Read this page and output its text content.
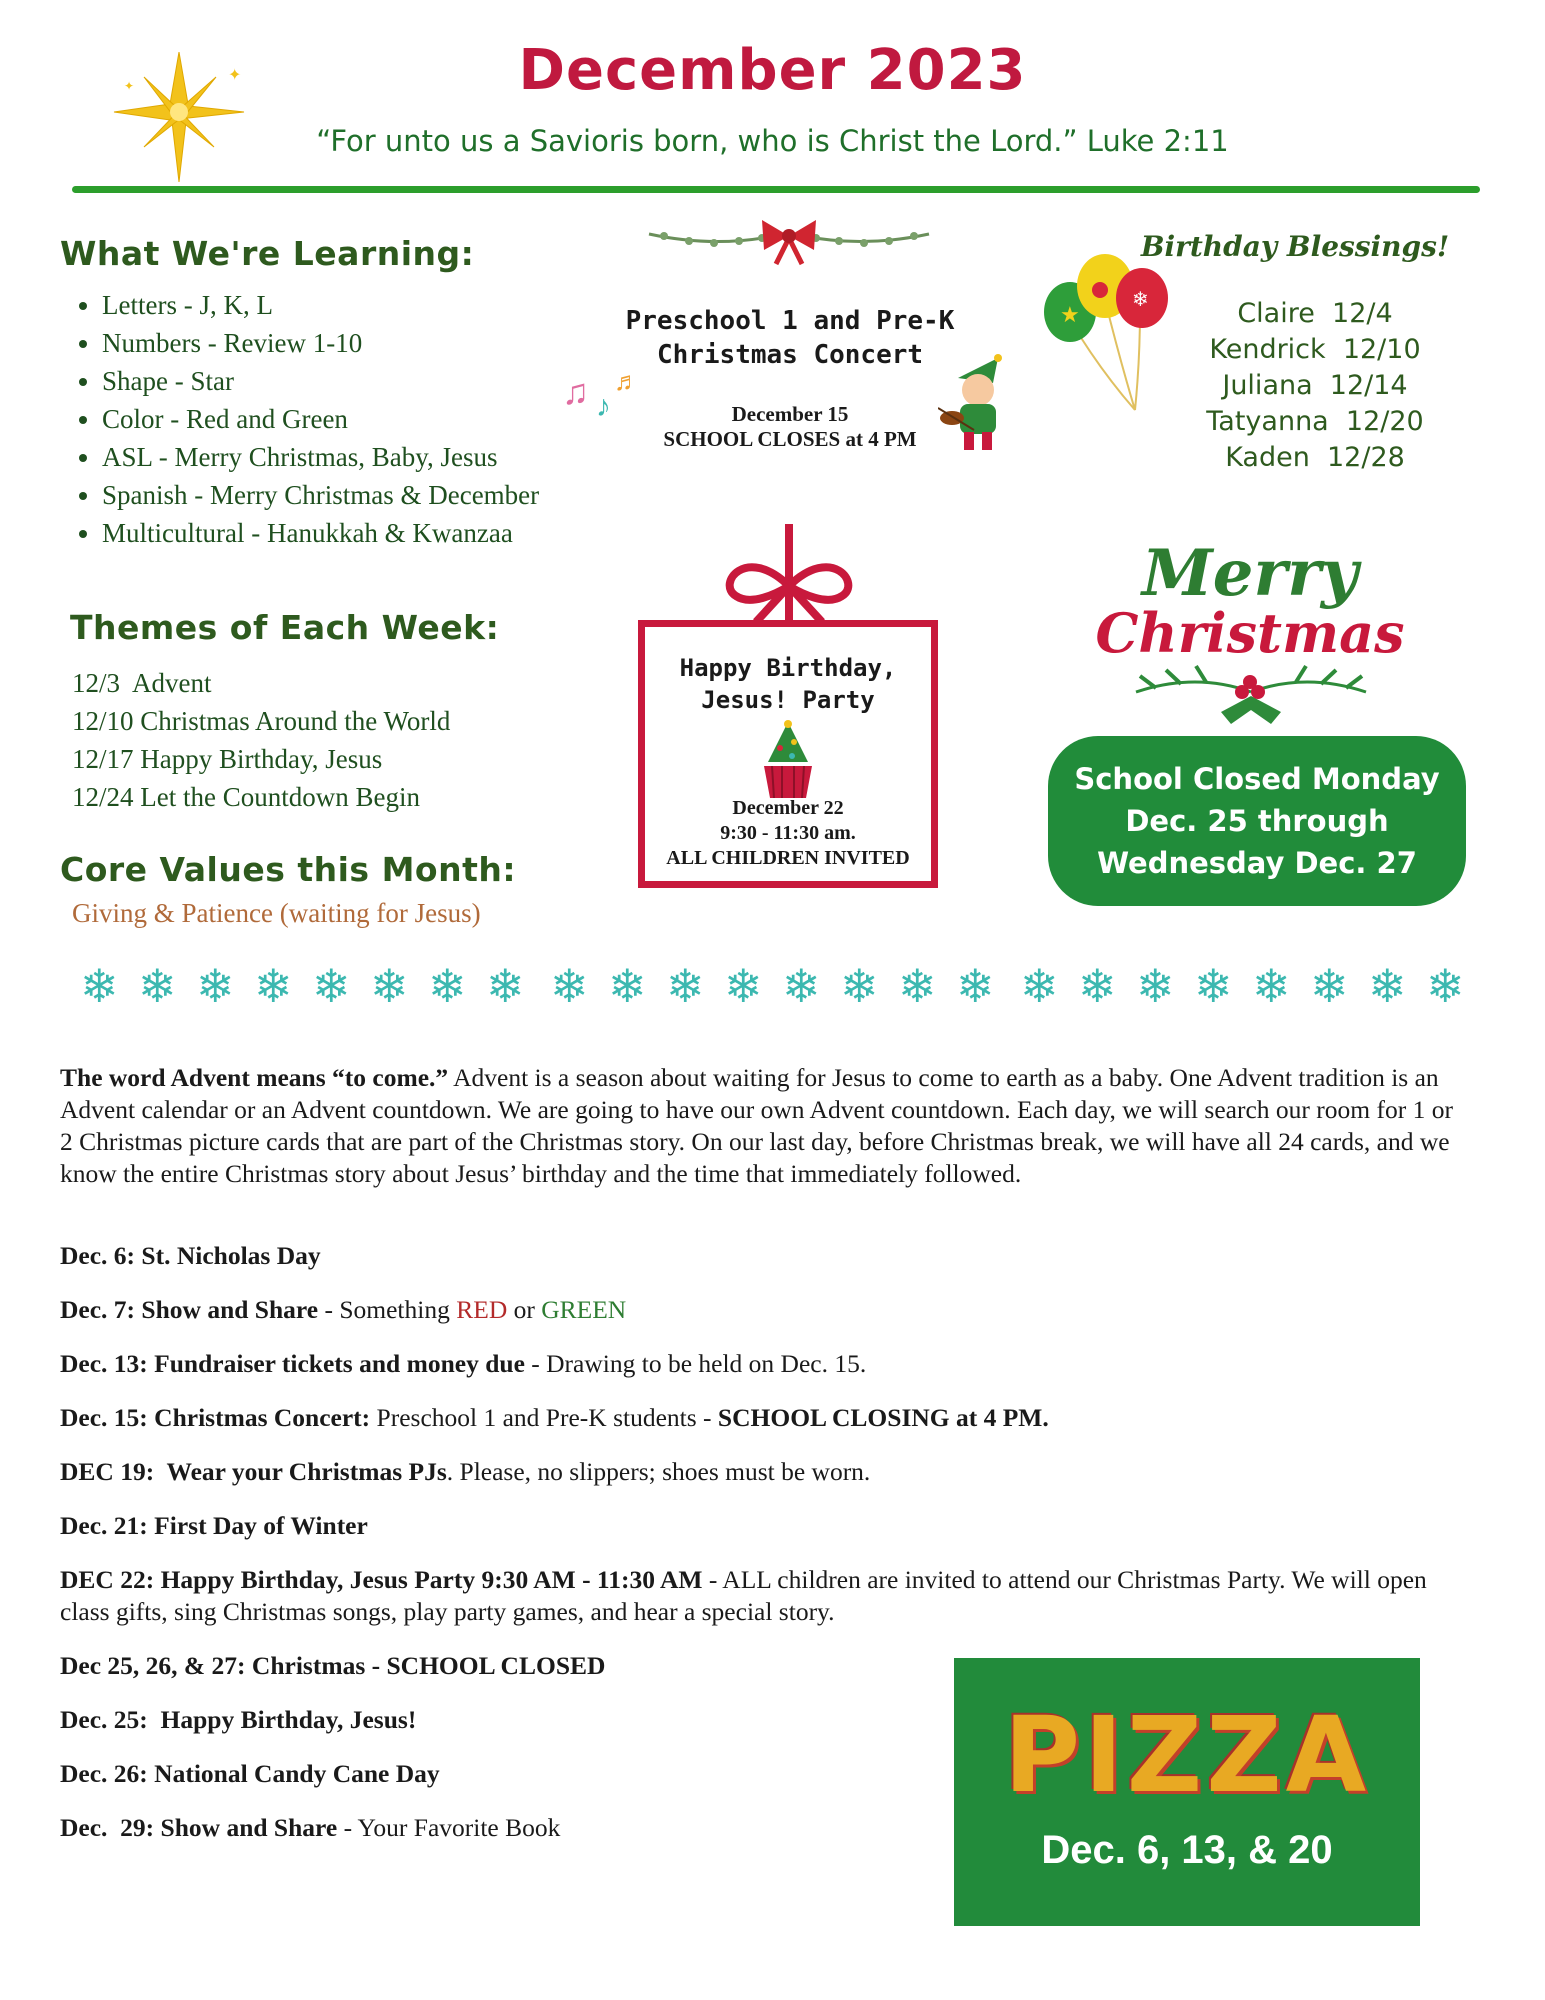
✦
✦	December 2023
“For unto us a Savioris born, who is Christ the Lord.” Luke 2:11
What We're Learning:
• Letters - J, K, L
• Numbers - Review 1-10
• Shape - Star
• Color - Red and Green
• ASL - Merry Christmas, Baby, Jesus
• Spanish - Merry Christmas & December
• Multicultural - Hanukkah & Kwanzaa
Themes of Each Week:
12/3  Advent
12/10 Christmas Around the World
12/17 Happy Birthday, Jesus
12/24 Let the Countdown Begin
Core Values this Month:
Giving & Patience (waiting for Jesus)
Preschool 1 and Pre-K
Christmas Concert
December 15
SCHOOL CLOSES at 4 PM
♫ ♪
♬
★
❄
Birthday Blessings!
Claire  12/4
Kendrick  12/10
Juliana  12/14
Tatyanna  12/20
Kaden  12/28
Happy Birthday,
Jesus! Party
December 22
9:30 - 11:30 am.
ALL CHILDREN INVITED
Merry
Christmas
School Closed Monday
Dec. 25 through
Wednesday Dec. 27
❄ ❄ ❄ ❄ ❄ ❄ ❄ ❄ ❄ ❄ ❄ ❄ ❄ ❄ ❄ ❄ ❄ ❄ ❄ ❄ ❄ ❄ ❄ ❄
The word Advent means “to come.” Advent is a season about waiting for Jesus to come to earth as a baby. One Advent tradition is an Advent calendar or an Advent countdown. We are going to have our own Advent countdown. Each day, we will search our room for 1 or 2 Christmas picture cards that are part of the Christmas story. On our last day, before Christmas break, we will have all 24 cards, and we know the entire Christmas story about Jesus’ birthday and the time that immediately followed.
Dec. 6: St. Nicholas Day
Dec. 7: Show and Share - Something RED or GREEN
Dec. 13: Fundraiser tickets and money due - Drawing to be held on Dec. 15.
Dec. 15: Christmas Concert: Preschool 1 and Pre-K students - SCHOOL CLOSING at 4 PM.
DEC 19:  Wear your Christmas PJs. Please, no slippers; shoes must be worn.
Dec. 21: First Day of Winter
DEC 22: Happy Birthday, Jesus Party 9:30 AM - 11:30 AM - ALL children are invited to attend our Christmas Party. We will open class gifts, sing Christmas songs, play party games, and hear a special story.
Dec 25, 26, & 27: Christmas - SCHOOL CLOSED
Dec. 25:  Happy Birthday, Jesus!
Dec. 26: National Candy Cane Day
Dec.  29: Show and Share - Your Favorite Book
PIZZA
Dec. 6, 13, & 20
